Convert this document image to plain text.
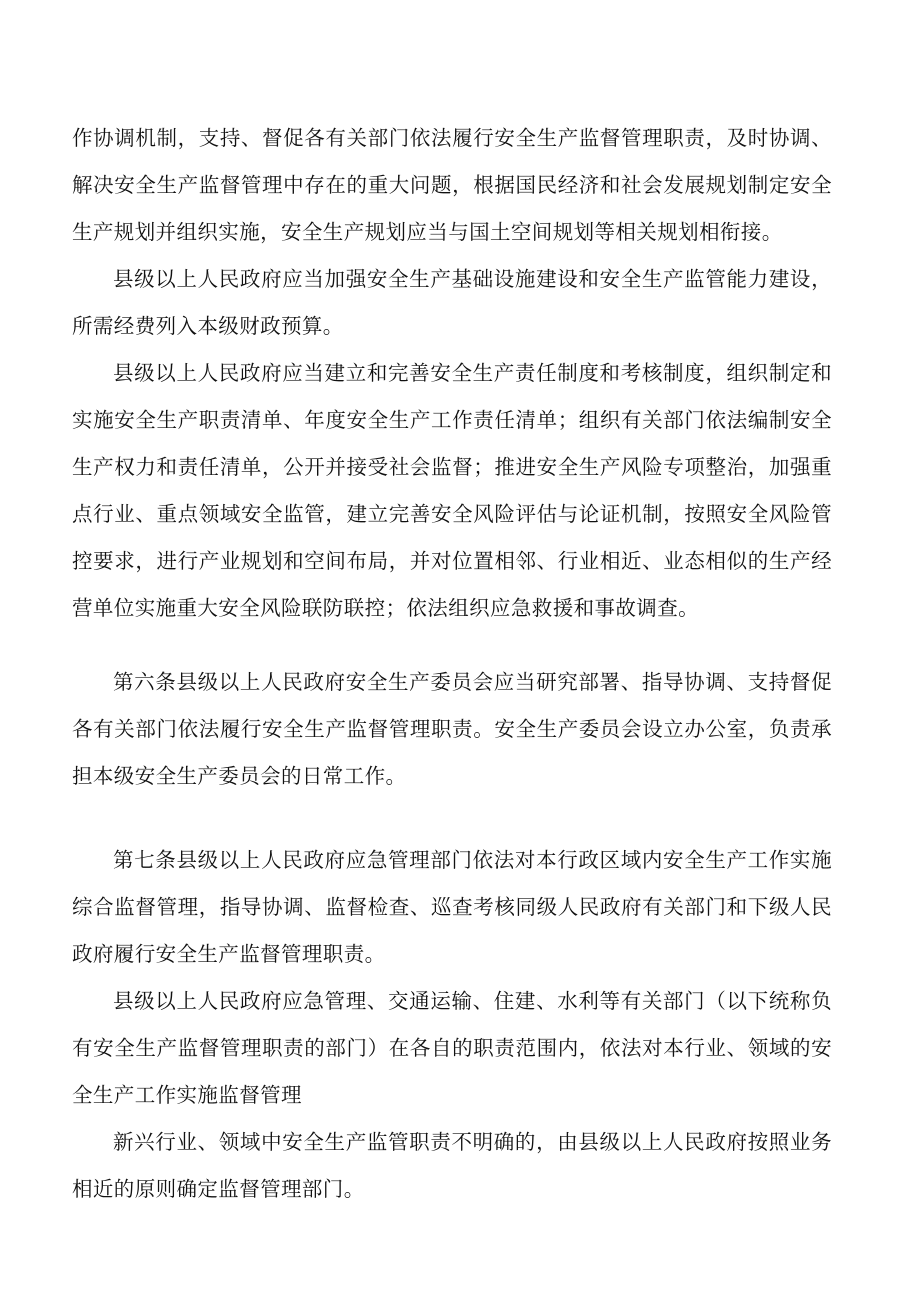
作协调机制，支持、督促各有关部门依法履行安全生产监督管理职责，及时协调、解决安全生产监督管理中存在的重大问题，根据国民经济和社会发展规划制定安全生产规划并组织实施，安全生产规划应当与国土空间规划等相关规划相衔接。

县级以上人民政府应当加强安全生产基础设施建设和安全生产监管能力建设，所需经费列入本级财政预算。

县级以上人民政府应当建立和完善安全生产责任制度和考核制度，组织制定和实施安全生产职责清单、年度安全生产工作责任清单；组织有关部门依法编制安全生产权力和责任清单，公开并接受社会监督；推进安全生产风险专项整治，加强重点行业、重点领域安全监管，建立完善安全风险评估与论证机制，按照安全风险管控要求，进行产业规划和空间布局，并对位置相邻、行业相近、业态相似的生产经营单位实施重大安全风险联防联控；依法组织应急救援和事故调查。

第六条县级以上人民政府安全生产委员会应当研究部署、指导协调、支持督促各有关部门依法履行安全生产监督管理职责。安全生产委员会设立办公室，负责承担本级安全生产委员会的日常工作。

第七条县级以上人民政府应急管理部门依法对本行政区域内安全生产工作实施综合监督管理，指导协调、监督检查、巡查考核同级人民政府有关部门和下级人民政府履行安全生产监督管理职责。

县级以上人民政府应急管理、交通运输、住建、水利等有关部门（以下统称负有安全生产监督管理职责的部门）在各自的职责范围内，依法对本行业、领域的安全生产工作实施监督管理

新兴行业、领域中安全生产监管职责不明确的，由县级以上人民政府按照业务相近的原则确定监督管理部门。
